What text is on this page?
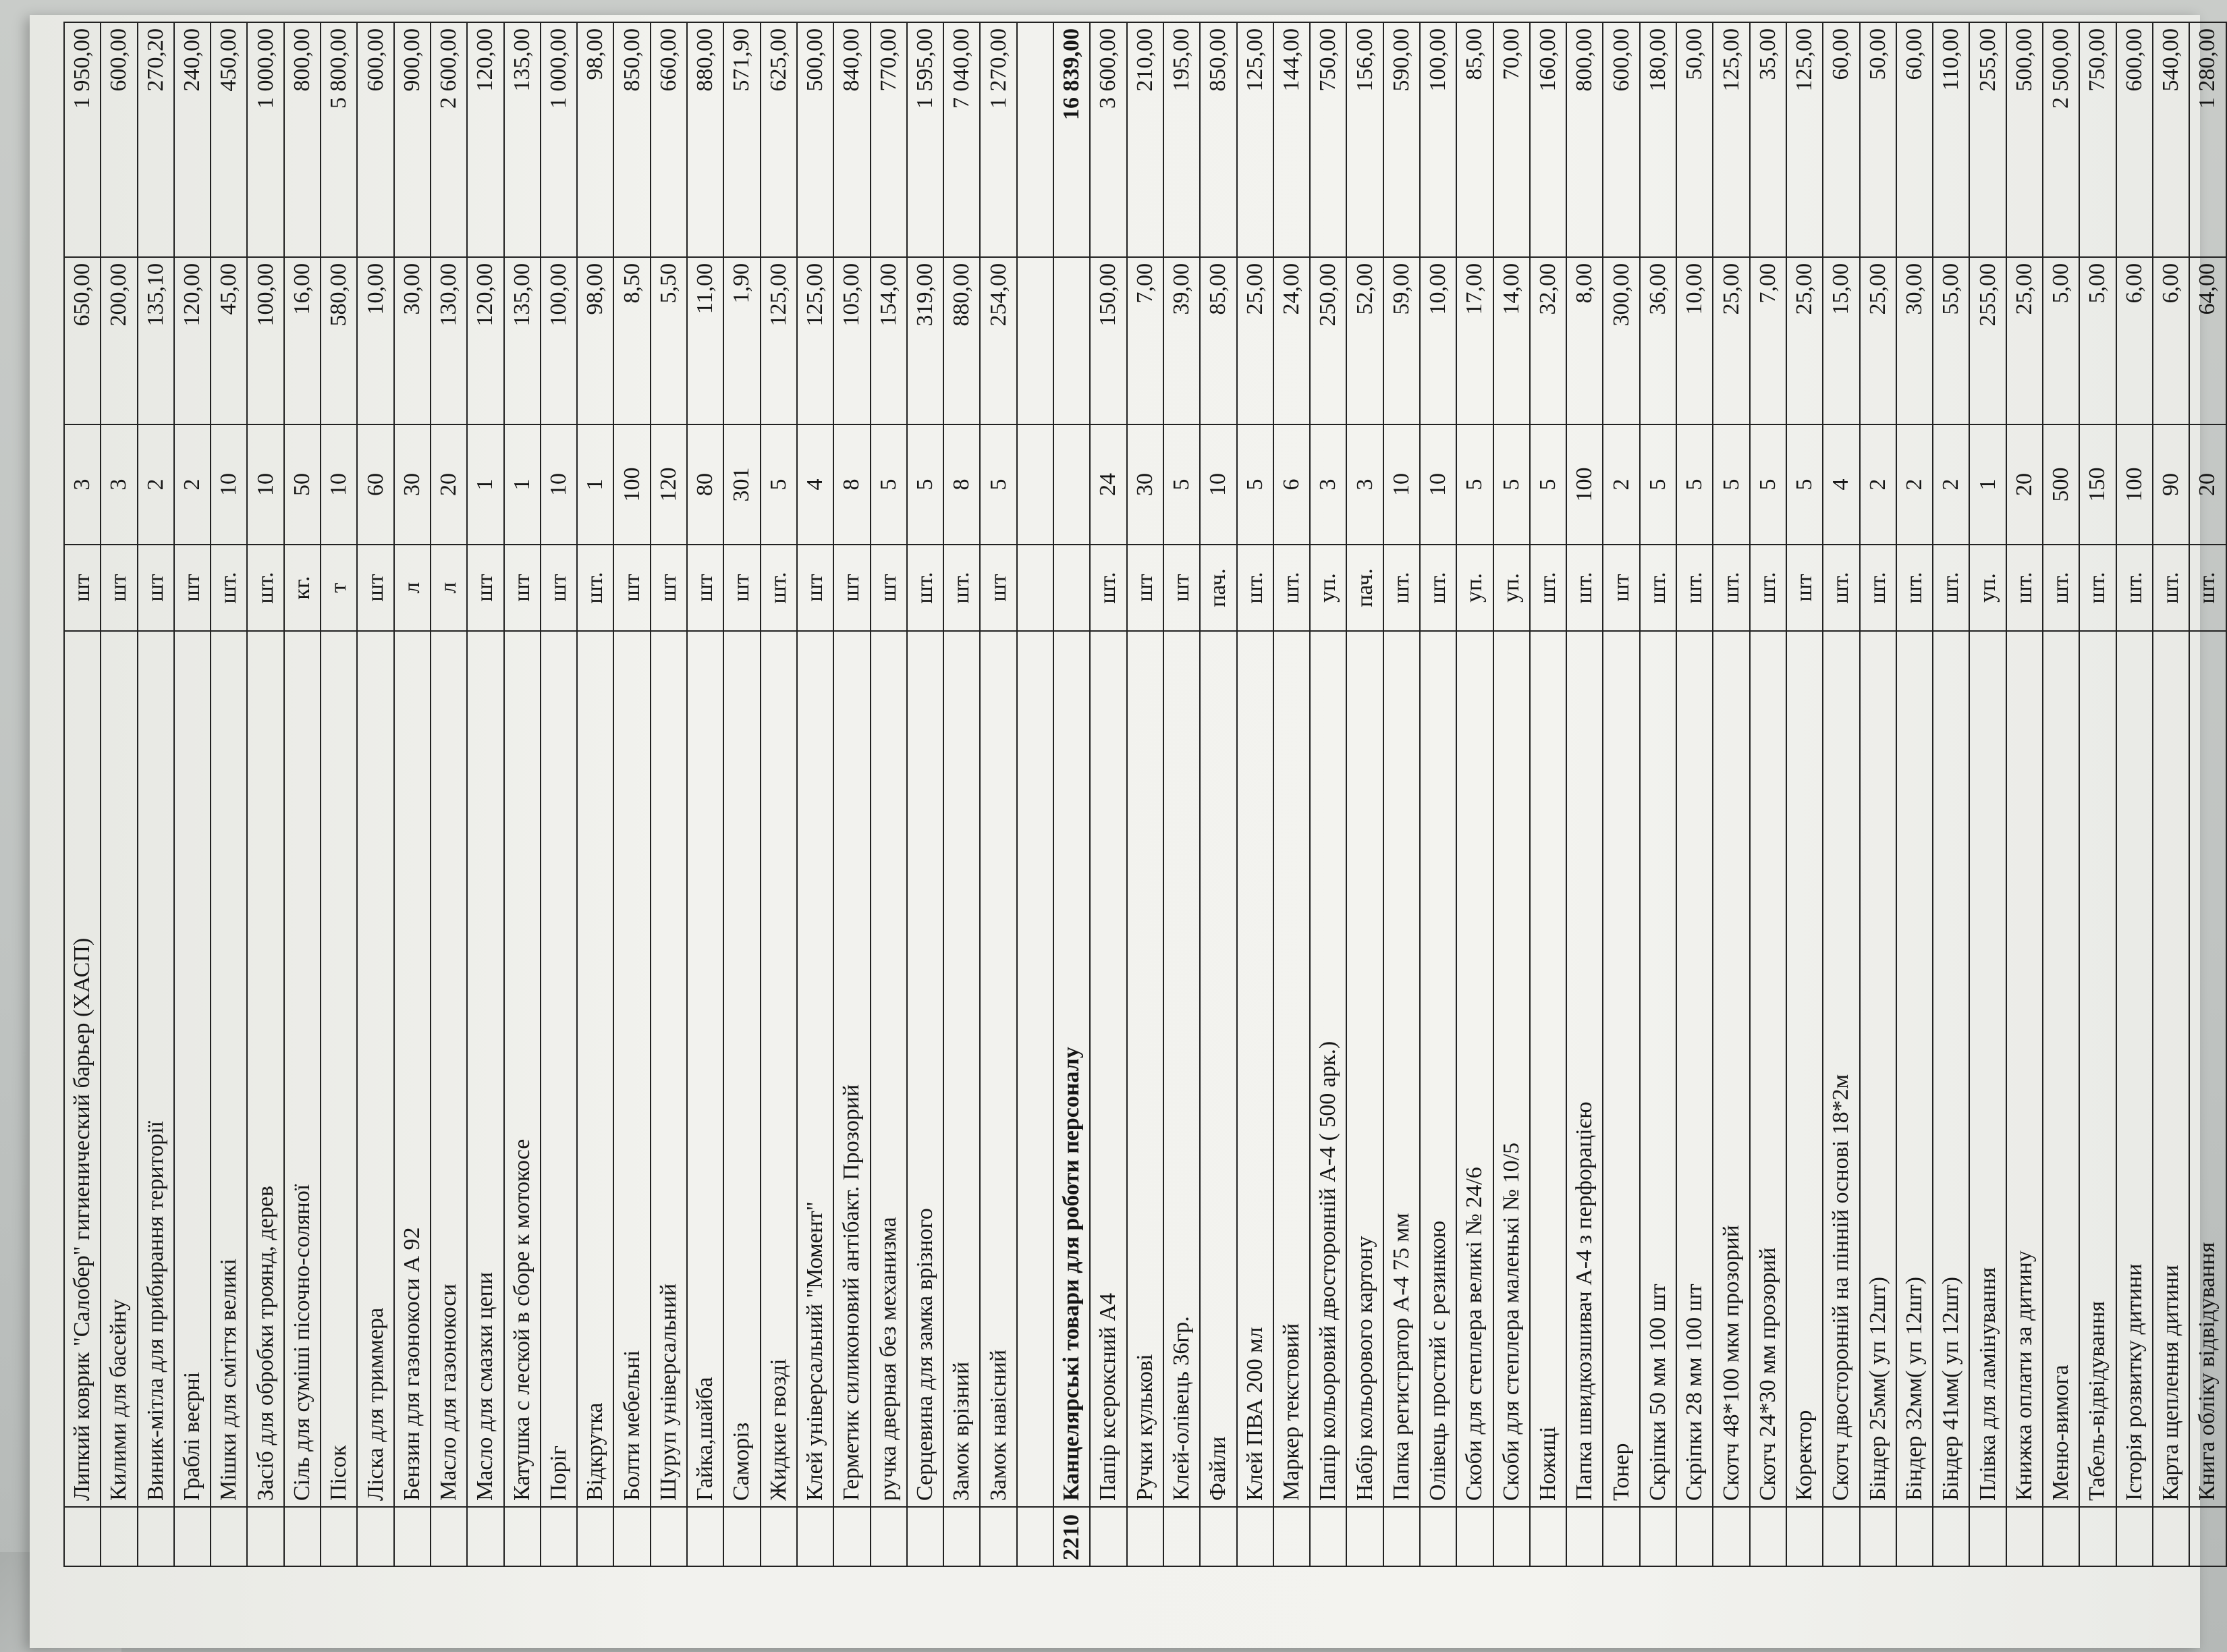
	Липкий коврик "Салобер" гигиенический барьер (ХАСП)	шт	3	650,00	1 950,00
	Килими для басейну	шт	3	200,00	600,00
	Виник-мітла для прибирання території	шт	2	135,10	270,20
	Граблі веєрні	шт	2	120,00	240,00
	Мішки для сміття великі	шт.	10	45,00	450,00
	Засіб для обробки троянд, дерев	шт.	10	100,00	1 000,00
	Сіль для суміші пісочно-соляної	кг.	50	16,00	800,00
	Пісок	т	10	580,00	5 800,00
	Ліска для триммера	шт	60	10,00	600,00
	Бензин для газонокоси А 92	л	30	30,00	900,00
	Масло для газонокоси	л	20	130,00	2 600,00
	Масло для смазки цепи	шт	1	120,00	120,00
	Катушка с леской в сборе к мотокосе	шт	1	135,00	135,00
	Поріг	шт	10	100,00	1 000,00
	Відкрутка	шт.	1	98,00	98,00
	Болти мебельні	шт	100	8,50	850,00
	Шуруп універсальний	шт	120	5,50	660,00
	Гайка,шайба	шт	80	11,00	880,00
	Саморіз	шт	301	1,90	571,90
	Жидкие гвозді	шт.	5	125,00	625,00
	Клей універсальний "Момент"	шт	4	125,00	500,00
	Герметик силиконовий антібакт. Прозорий	шт	8	105,00	840,00
	ручка дверная без механизма	шт	5	154,00	770,00
	Серцевина для замка врізного	шт.	5	319,00	1 595,00
	Замок врізний	шт.	8	880,00	7 040,00
	Замок навісний	шт	5	254,00	1 270,00

2210	Канцелярські товари для роботи персоналу				16 839,00
	Папір ксероксний А4	шт.	24	150,00	3 600,00
	Ручки кулькові	шт	30	7,00	210,00
	Клей-олівець 36гр.	шт	5	39,00	195,00
	Файли	пач.	10	85,00	850,00
	Клей ПВА 200 мл	шт.	5	25,00	125,00
	Маркер текстовий	шт.	6	24,00	144,00
	Папір кольоровий двосторонній А-4 ( 500 арк.)	уп.	3	250,00	750,00
	Набір кольорового картону	пач.	3	52,00	156,00
	Папка регистратор А-4 75 мм	шт.	10	59,00	590,00
	Олівець простий с резинкою	шт.	10	10,00	100,00
	Скоби для степлера великі № 24/6	уп.	5	17,00	85,00
	Скоби для степлера маленькі № 10/5	уп.	5	14,00	70,00
	Ножиці	шт.	5	32,00	160,00
	Папка швидкозшивач А-4 з перфорацією	шт.	100	8,00	800,00
	Тонер	шт	2	300,00	600,00
	Скріпки 50 мм 100 шт	шт.	5	36,00	180,00
	Скріпки 28 мм 100 шт	шт.	5	10,00	50,00
	Скотч 48*100 мкм прозорий	шт.	5	25,00	125,00
	Скотч 24*30 мм прозорий	шт.	5	7,00	35,00
	Коректор	шт	5	25,00	125,00
	Скотч двосторонній на пінній основі 18*2м	шт.	4	15,00	60,00
	Біндер 25мм( уп 12шт)	шт.	2	25,00	50,00
	Біндер 32мм( уп 12шт)	шт.	2	30,00	60,00
	Біндер 41мм( уп 12шт)	шт.	2	55,00	110,00
	Плівка для ламінування	уп.	1	255,00	255,00
	Книжка оплати за дитину	шт.	20	25,00	500,00
	Меню-вимога	шт.	500	5,00	2 500,00
	Табель-відвідування	шт.	150	5,00	750,00
	Історія розвитку дитини	шт.	100	6,00	600,00
	Карта щеплення дитини	шт.	90	6,00	540,00
	Книга обліку відвідування	шт.	20	64,00	1 280,00
